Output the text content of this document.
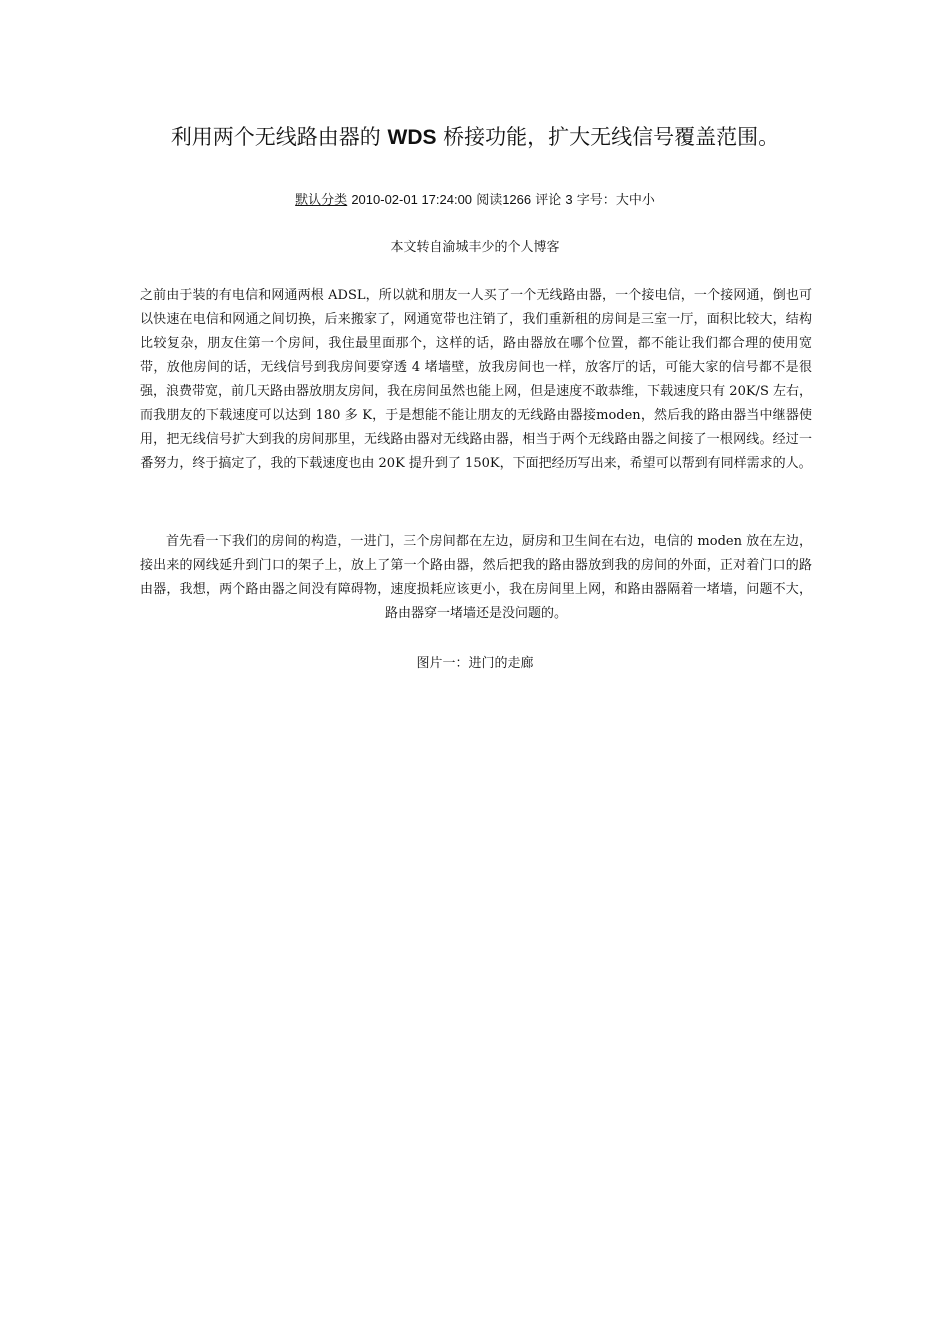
利用两个无线路由器的 WDS 桥接功能，扩大无线信号覆盖范围。
默认分类 2010-02-01 17:24:00 阅读1266 评论 3 字号：大中小
本文转自渝城丰少的个人博客
之前由于装的有电信和网通两根 ADSL，所以就和朋友一人买了一个无线路由器，一个接电信，一个接网通，倒也可以快速在电信和网通之间切换，后来搬家了，网通宽带也注销了，我们重新租的房间是三室一厅，面积比较大，结构比较复杂，朋友住第一个房间，我住最里面那个，这样的话，路由器放在哪个位置，都不能让我们都合理的使用宽带，放他房间的话，无线信号到我房间要穿透 4 堵墙壁，放我房间也一样，放客厅的话，可能大家的信号都不是很强，浪费带宽，前几天路由器放朋友房间，我在房间虽然也能上网，但是速度不敢恭维，下载速度只有 20K/S 左右，而我朋友的下载速度可以达到 180 多 K，于是想能不能让朋友的无线路由器接moden，然后我的路由器当中继器使用，把无线信号扩大到我的房间那里，无线路由器对无线路由器，相当于两个无线路由器之间接了一根网线。经过一番努力，终于搞定了，我的下载速度也由 20K 提升到了 150K，下面把经历写出来，希望可以帮到有同样需求的人。
首先看一下我们的房间的构造，一进门，三个房间都在左边，厨房和卫生间在右边，电信的 moden 放在左边，接出来的网线延升到门口的架子上，放上了第一个路由器，然后把我的路由器放到我的房间的外面，正对着门口的路由器，我想，两个路由器之间没有障碍物，速度损耗应该更小，我在房间里上网，和路由器隔着一堵墙，问题不大，路由器穿一堵墙还是没问题的。
图片一：进门的走廊
